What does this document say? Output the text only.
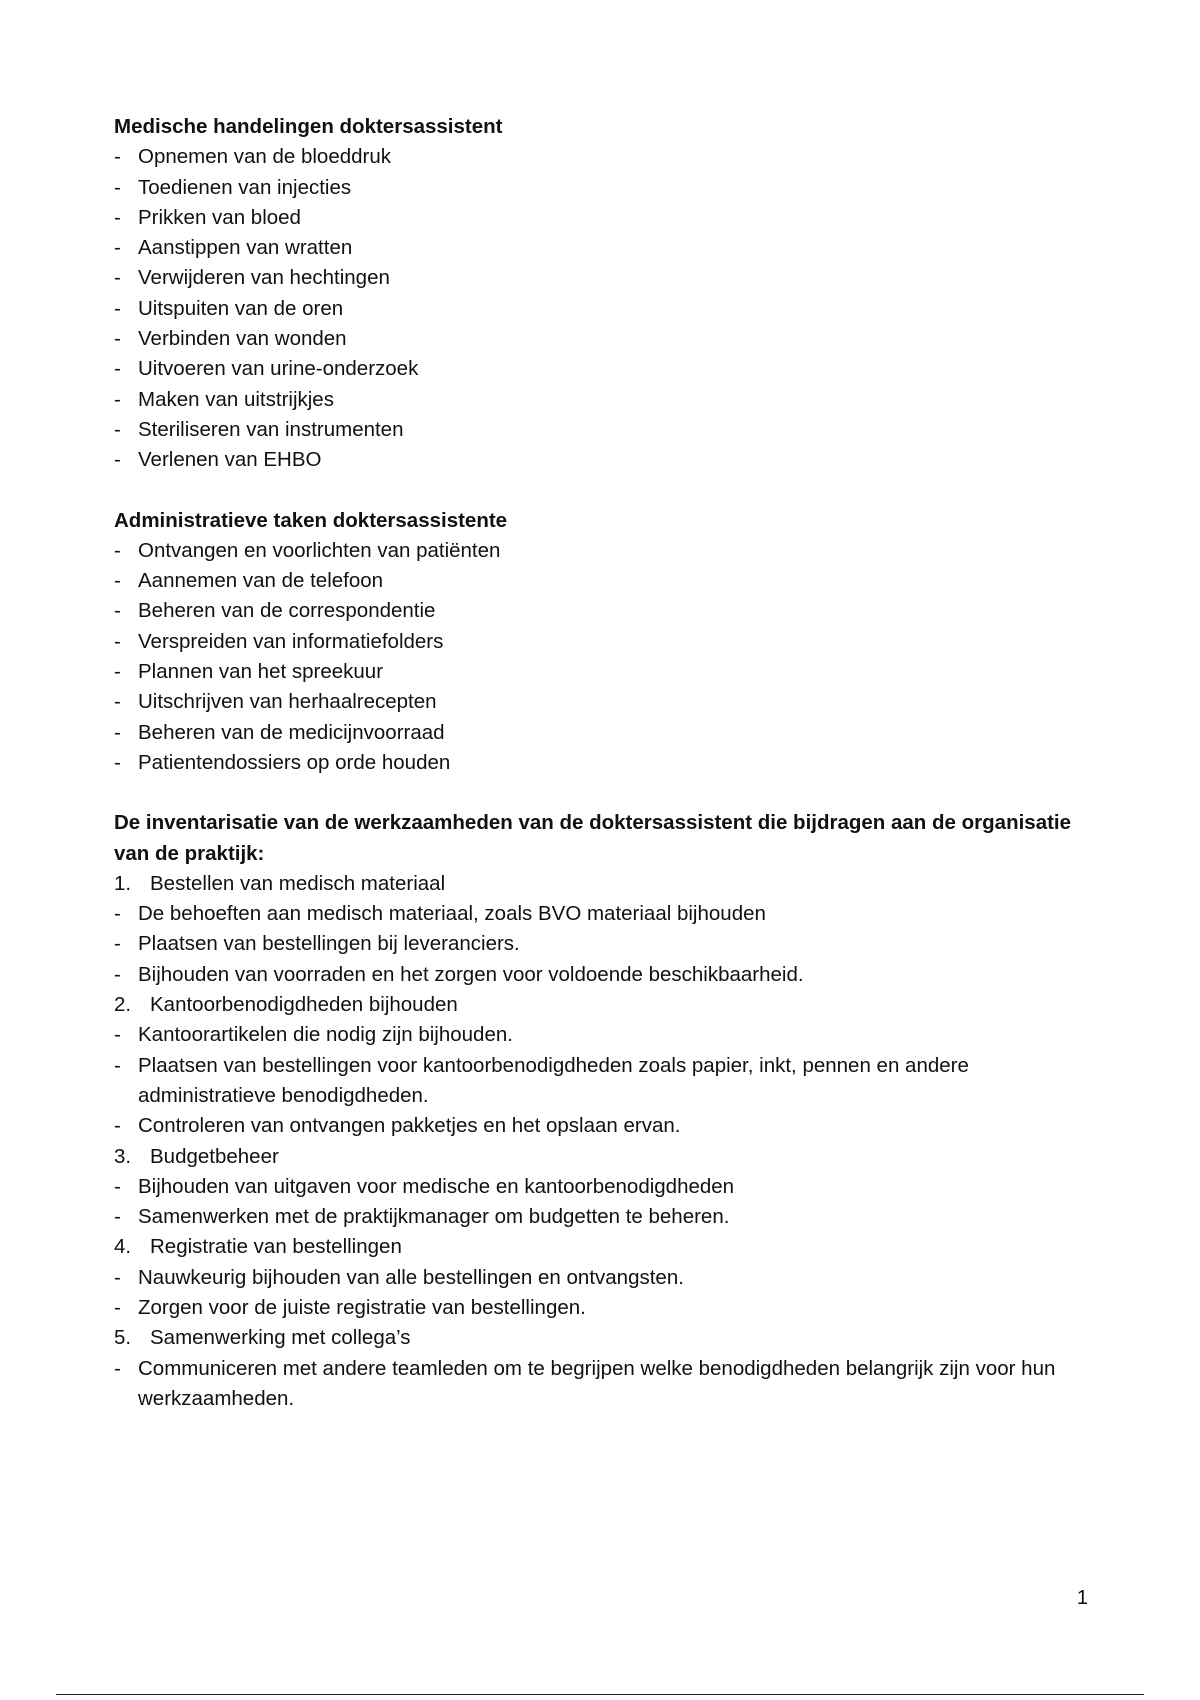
Medische handelingen doktersassistent
- Opnemen van de bloeddruk
- Toedienen van injecties
- Prikken van bloed
- Aanstippen van wratten
- Verwijderen van hechtingen
- Uitspuiten van de oren
- Verbinden van wonden
- Uitvoeren van urine-onderzoek
- Maken van uitstrijkjes
- Steriliseren van instrumenten
- Verlenen van EHBO
Administratieve taken doktersassistente
- Ontvangen en voorlichten van patiënten
- Aannemen van de telefoon
- Beheren van de correspondentie
- Verspreiden van informatiefolders
- Plannen van het spreekuur
- Uitschrijven van herhaalrecepten
- Beheren van de medicijnvoorraad
- Patientendossiers op orde houden
De inventarisatie van de werkzaamheden van de doktersassistent die bijdragen aan de organisatie van de praktijk:
1. Bestellen van medisch materiaal
- De behoeften aan medisch materiaal, zoals BVO materiaal bijhouden
- Plaatsen van bestellingen bij leveranciers.
- Bijhouden van voorraden en het zorgen voor voldoende beschikbaarheid.
2. Kantoorbenodigdheden bijhouden
- Kantoorartikelen die nodig zijn bijhouden.
- Plaatsen van bestellingen voor kantoorbenodigdheden zoals papier, inkt, pennen en andere administratieve benodigdheden.
- Controleren van ontvangen pakketjes en het opslaan ervan.
3. Budgetbeheer
- Bijhouden van uitgaven voor medische en kantoorbenodigdheden
- Samenwerken met de praktijkmanager om budgetten te beheren.
4. Registratie van bestellingen
- Nauwkeurig bijhouden van alle bestellingen en ontvangsten.
- Zorgen voor de juiste registratie van bestellingen.
5. Samenwerking met collega’s
- Communiceren met andere teamleden om te begrijpen welke benodigdheden belangrijk zijn voor hun werkzaamheden.
1
